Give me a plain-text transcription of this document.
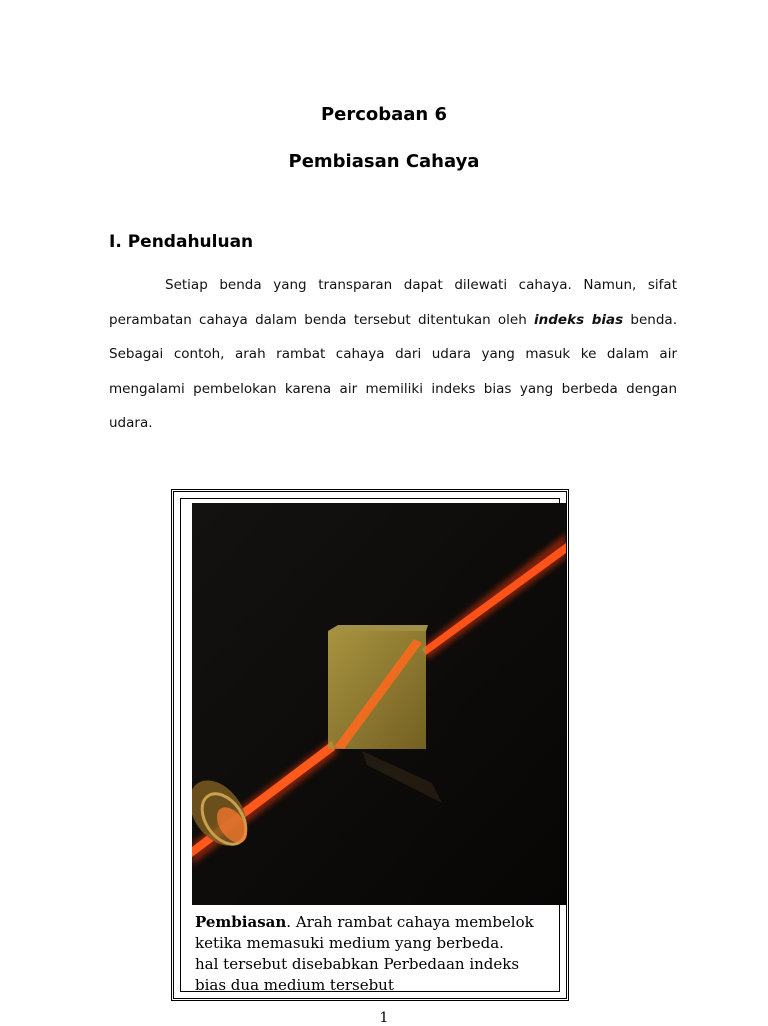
Percobaan 6
Pembiasan Cahaya
I. Pendahuluan

Setiap benda yang transparan dapat dilewati cahaya. Namun, sifat perambatan cahaya dalam benda tersebut ditentukan oleh indeks bias benda. Sebagai contoh, arah rambat cahaya dari udara yang masuk ke dalam air mengalami pembelokan karena air memiliki indeks bias yang berbeda dengan udara.

Pembiasan. Arah rambat cahaya membelok
ketika memasuki medium yang berbeda.
hal tersebut disebabkan Perbedaan indeks
bias dua medium tersebut
1
